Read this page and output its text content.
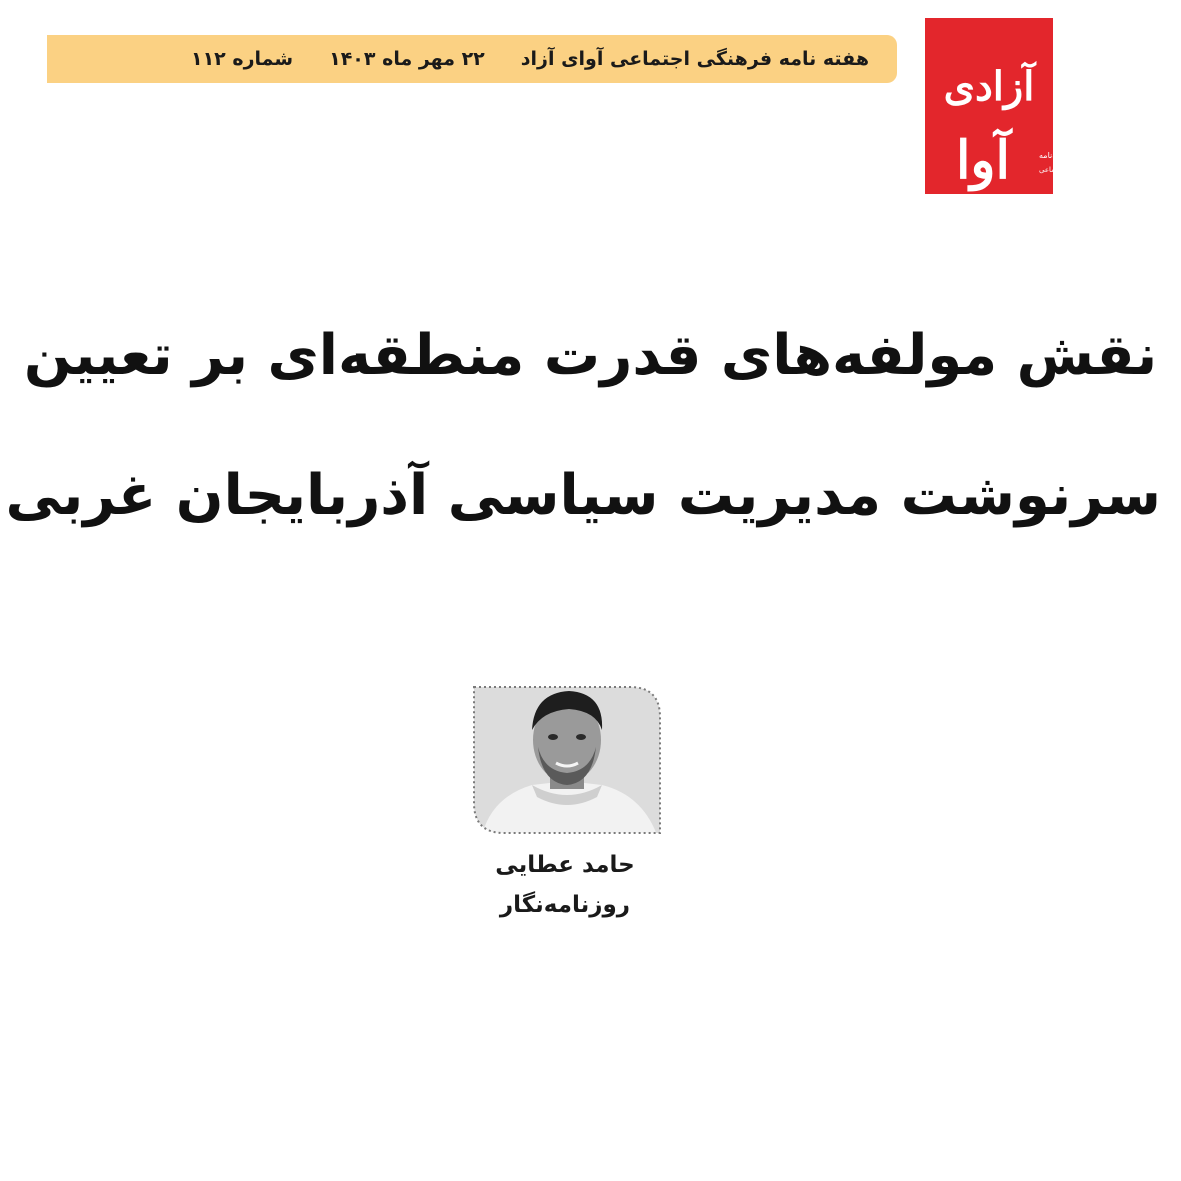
هفته نامه فرهنگی اجتماعی آوای آزاد
۲۲ مهر ماه ۱۴۰۳
شماره ۱۱۲
آزادی
آوا	هفته‌نامه
فرهنگی اجتماعی
نقش مولفه‌های قدرت منطقه‌ای بر تعیین
سرنوشت مدیریت سیاسی آذربایجان غربی
حامد عطایی
روزنامه‌نگار
